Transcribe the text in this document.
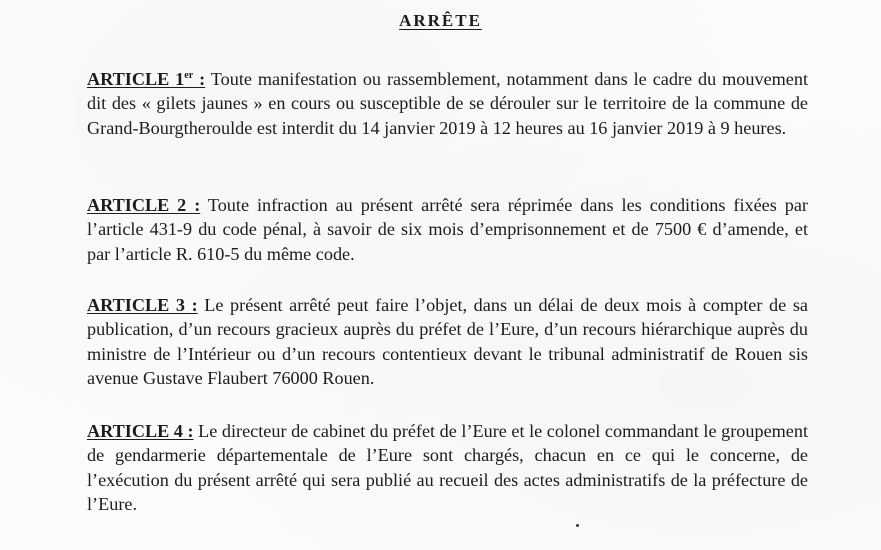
ARRÊTE

ARTICLE 1er : Toute manifestation ou rassemblement, notamment dans le cadre du mouvement dit des « gilets jaunes » en cours ou susceptible de se dérouler sur le territoire de la commune de Grand-Bourgtheroulde est interdit du 14 janvier 2019 à 12 heures au 16 janvier 2019 à 9 heures.

ARTICLE 2 : Toute infraction au présent arrêté sera réprimée dans les conditions fixées par l’article 431-9 du code pénal, à savoir de six mois d’emprisonnement et de 7500 € d’amende, et par l’article R. 610-5 du même code.

ARTICLE 3 : Le présent arrêté peut faire l’objet, dans un délai de deux mois à compter de sa publication, d’un recours gracieux auprès du préfet de l’Eure, d’un recours hiérarchique auprès du ministre de l’Intérieur ou d’un recours contentieux devant le tribunal administratif de Rouen sis avenue Gustave Flaubert 76000 Rouen.

ARTICLE 4 : Le directeur de cabinet du préfet de l’Eure et le colonel commandant le groupement de gendarmerie départementale de l’Eure sont chargés, chacun en ce qui le concerne, de l’exécution du présent arrêté qui sera publié au recueil des actes administratifs de la préfecture de l’Eure.
